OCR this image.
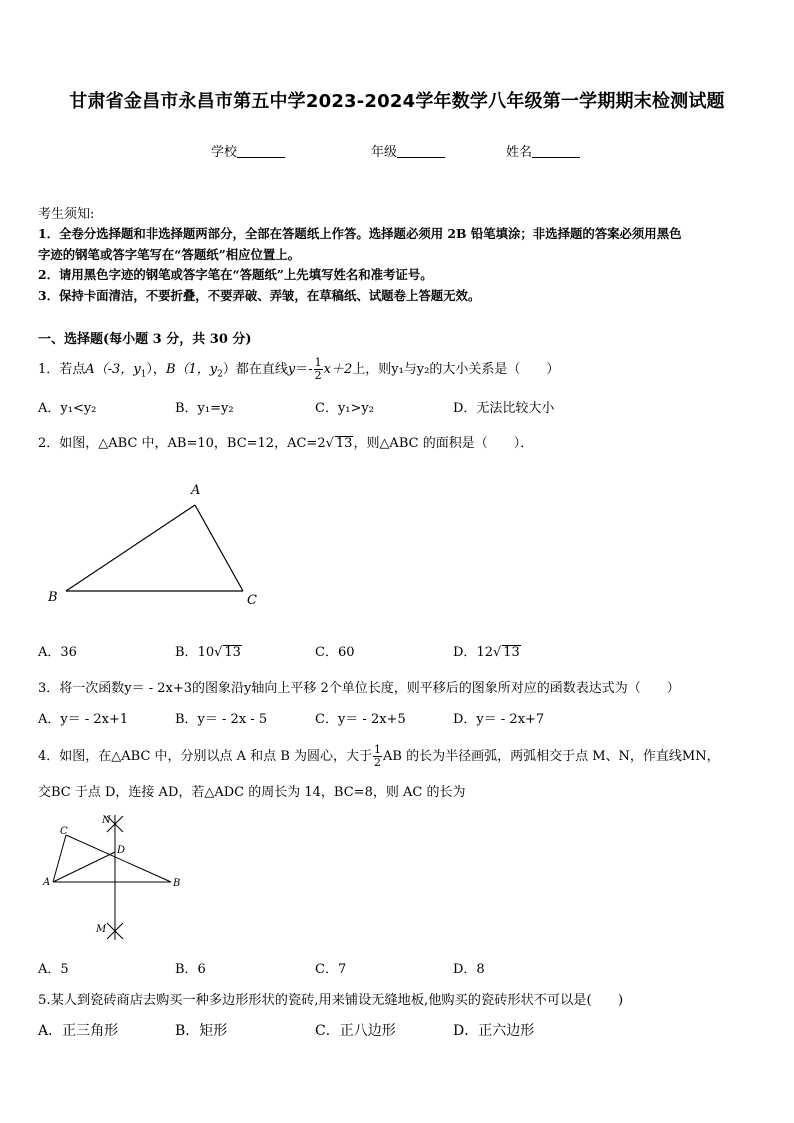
甘肃省金昌市永昌市第五中学2023-2024学年数学八年级第一学期期末检测试题
学校	年级	姓名
考生须知:
1．全卷分选择题和非选择题两部分，全部在答题纸上作答。选择题必须用 2B 铅笔填涂；非选择题的答案必须用黑色
字迹的钢笔或答字笔写在“答题纸”相应位置上。
2．请用黑色字迹的钢笔或答字笔在“答题纸”上先填写姓名和准考证号。
3．保持卡面清洁，不要折叠，不要弄破、弄皱，在草稿纸、试题卷上答题无效。
一、选择题(每小题 3 分，共 30 分)
1．若点A（-3，$y_1$），B（1，$y_2$）都在直线$y=- \frac{1}{2} x+2$上，则y₁与y₂的大小关系是（　　）
A．y₁<y₂	B．y₁=y₂	C．y₁>y₂	D．无法比较大小
2．如图，△ABC 中，AB=10，BC=12，AC=2√ 13，则△ABC 的面积是（　　）．
A
B	C
A．36	B．10√ 13	C．60	D．12√ 13
3．将一次函数y＝ - 2x+3的图象沿y轴向上平移 2个单位长度，则平移后的图象所对应的函数表达式为（　　）
A．y＝ - 2x+1	B．y＝ - 2x - 5	C．y＝ - 2x+5	D．y＝ - 2x+7
4．如图，在△ABC 中，分别以点 A 和点 B 为圆心，大于 $\frac{1}{2}$ AB 的长为半径画弧，两弧相交于点 M、N，作直线MN，
交BC 于点 D，连接 AD，若△ADC 的周长为 14，BC=8，则 AC 的长为
C
N
D
A	B
M
A．5	B．6	C．7	D．8
5.某人到瓷砖商店去购买一种多边形形状的瓷砖,用来铺设无缝地板,他购买的瓷砖形状不可以是(　　)
A．正三角形	B．矩形	C．正八边形	D．正六边形
